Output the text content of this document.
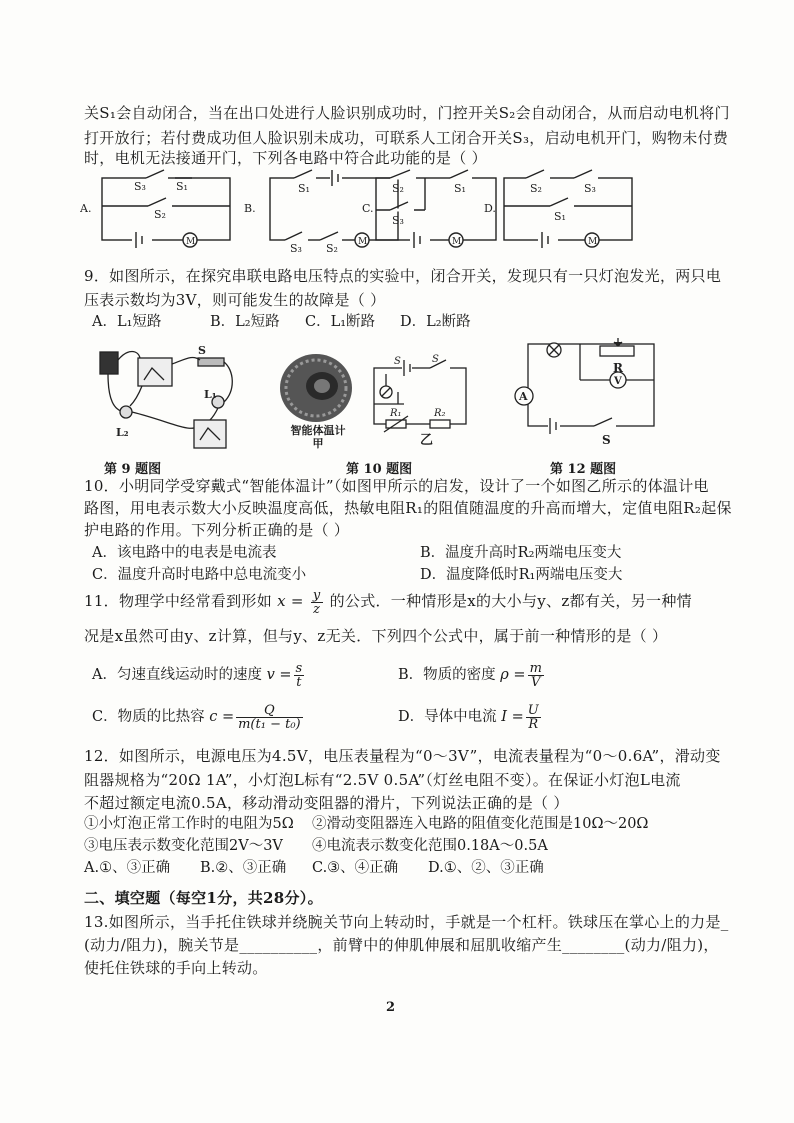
关S₁会自动闭合，当在出口处进行人脸识别成功时，门控开关S₂会自动闭合，从而启动电机将门
打开放行；若付费成功但人脸识别未成功，可联系人工闭合开关S₃，启动电机开门，购物未付费
时，电机无法接通开门，下列各电路中符合此功能的是（ ）
A.
S₃	S₁
S₂
M
B.
S₁
S₃ S₂ M
C.
S₂	S₁
S₃
M
D.
S₂	S₃
S₁
M
9．如图所示，在探究串联电路电压特点的实验中，闭合开关，发现只有一只灯泡发光，两只电
压表示数均为3V，则可能发生的故障是（ ）
A．L₁短路	B．L₂短路 C．L₁断路 D．L₂断路
S
L₁
L₂
第 9 题图
智能体温计
甲
S	S
R₁	R₂
乙
第 10 题图
R
V
A
S
第 12 题图
10．小明同学受穿戴式“智能体温计”（如图甲所示的启发，设计了一个如图乙所示的体温计电
路图，用电表示数大小反映温度高低，热敏电阻R₁的阻值随温度的升高而增大，定值电阻R₂起保
护电路的作用。下列分析正确的是（ ）
A．该电路中的电表是电流表	B．温度升高时R₂两端电压变大
C．温度升高时电路中总电流变小	D．温度降低时R₁两端电压变大
11．物理学中经常看到形如 $x = \frac{y}{z}$ 的公式．一种情形是x的大小与y、z都有关，另一种情
况是x虽然可由y、z计算，但与y、z无关．下列四个公式中，属于前一种情形的是（ ）
A．匀速直线运动时的速度 $v = \frac{s}{t}$	B．物质的密度 $\rho = \frac{m}{V}$
C．物质的比热容 $c = \frac{Q}{\text{m(t₁ − t₀)}}$	D．导体中电流 $I = \frac{U}{R}$
12．如图所示，电源电压为4.5V，电压表量程为“0～3V”，电流表量程为“0～0.6A”，滑动变
阻器规格为“20Ω 1A”，小灯泡L标有“2.5V 0.5A”（灯丝电阻不变）。在保证小灯泡L电流
不超过额定电流0.5A，移动滑动变阻器的滑片，下列说法正确的是（ ）
①小灯泡正常工作时的电阻为5Ω ②滑动变阻器连入电路的阻值变化范围是10Ω～20Ω
③电压表示数变化范围2V～3V ④电流表示数变化范围0.18A～0.5A
A.①、③正确 B.②、③正确 C.③、④正确 D.①、②、③正确
二、填空题（每空1分，共28分）。
13.如图所示，当手托住铁球并绕腕关节向上转动时，手就是一个杠杆。铁球压在掌心上的力是_
(动力/阻力)，腕关节是__________，前臂中的伸肌伸展和屈肌收缩产生________(动力/阻力)，
使托住铁球的手向上转动。
2
